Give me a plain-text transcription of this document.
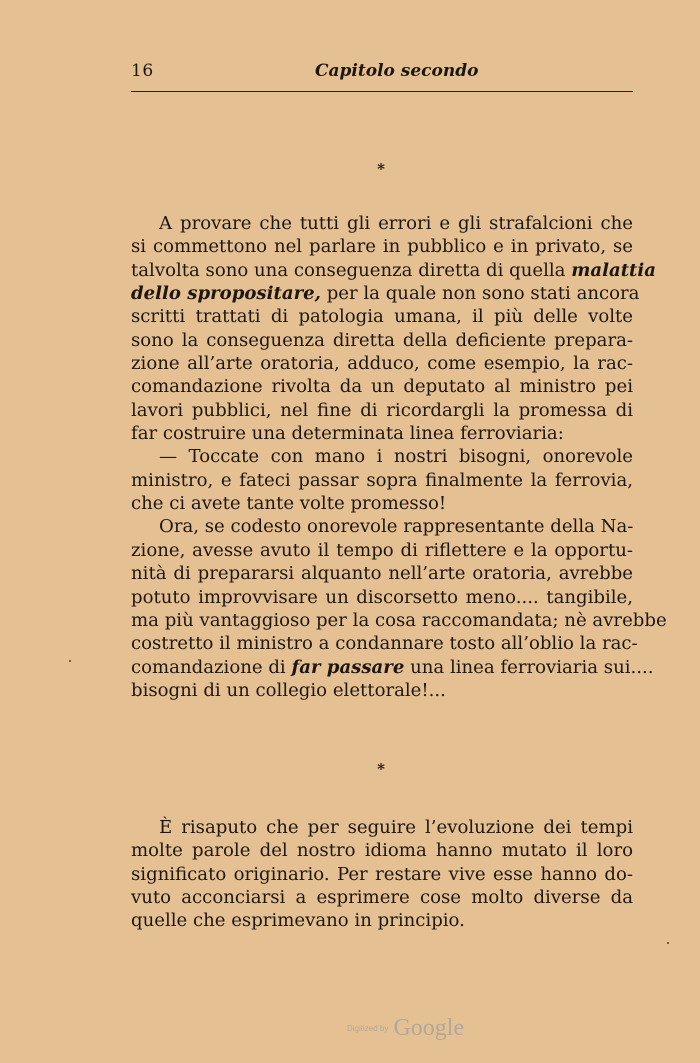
16	Capitolo secondo
*
A provare che tutti gli errori e gli strafalcioni che
si commettono nel parlare in pubblico e in privato, se
talvolta sono una conseguenza diretta di quella malattia
dello spropositare, per la quale non sono stati ancora
scritti trattati di patologia umana, il più delle volte
sono la conseguenza diretta della deficiente prepara-
zione all’arte oratoria, adduco, come esempio, la rac-
comandazione rivolta da un deputato al ministro pei
lavori pubblici, nel fine di ricordargli la promessa di
far costruire una determinata linea ferroviaria:
— Toccate con mano i nostri bisogni, onorevole
ministro, e fateci passar sopra finalmente la ferrovia,
che ci avete tante volte promesso!
Ora, se codesto onorevole rappresentante della Na-
zione, avesse avuto il tempo di riflettere e la opportu-
nità di prepararsi alquanto nell’arte oratoria, avrebbe
potuto improvvisare un discorsetto meno.... tangibile,
ma più vantaggioso per la cosa raccomandata; nè avrebbe
costretto il ministro a condannare tosto all’oblio la rac-
comandazione di far passare una linea ferroviaria sui....
bisogni di un collegio elettorale!...
*
È risaputo che per seguire l’evoluzione dei tempi
molte parole del nostro idioma hanno mutato il loro
significato originario. Per restare vive esse hanno do-
vuto acconciarsi a esprimere cose molto diverse da
quelle che esprimevano in principio.
Digitized by Google
